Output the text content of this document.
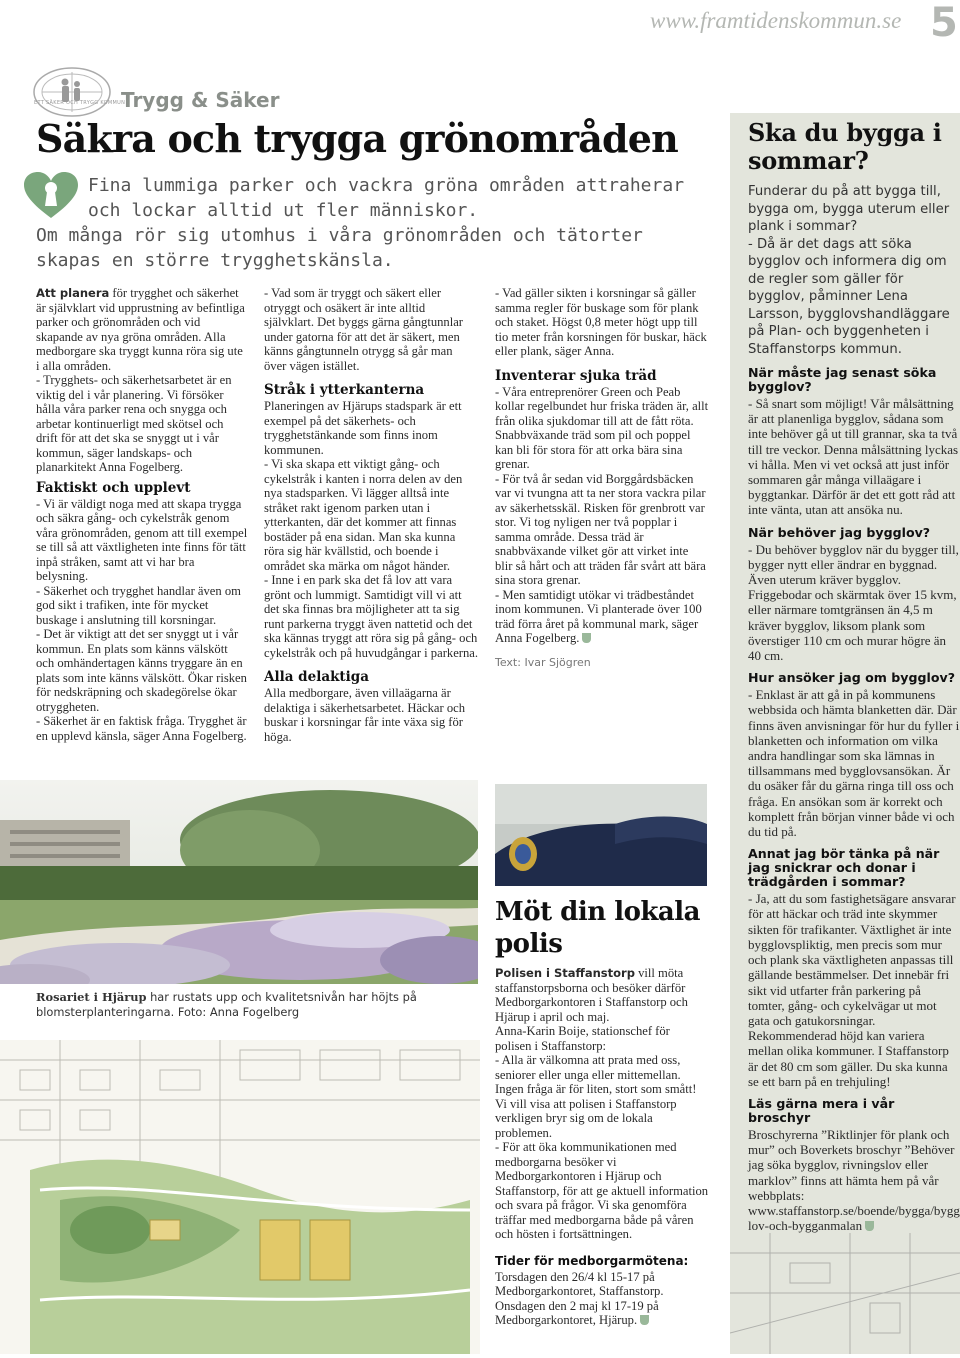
www.framtidenskommun.se 5
ETT SÄKER OCH TRYGG KOMMUN
Trygg & Säker
Säkra och trygga grönområden
Fina lummiga parker och vackra gröna områden attraherar
och lockar alltid ut fler människor.
Om många rör sig utomhus i våra grönområden och tätorter
skapas en större trygghetskänsla.

Att planera för trygghet och säkerhet är självklart vid upprustning av befintliga parker och grönområden och vid skapande av nya gröna områden. Alla medborgare ska tryggt kunna röra sig ute i alla områden.

- Trygghets- och säkerhetsarbetet är en viktig del i vår planering. Vi försöker hålla våra parker rena och snygga och arbetar kontinuerligt med skötsel och drift för att det ska se snyggt ut i vår kommun, säger landskaps- och planarkitekt Anna Fogelberg.

Faktiskt och upplevt

- Vi är väldigt noga med att skapa trygga och säkra gång- och cykelstråk genom våra grönområden, genom att till exempel se till så att växtligheten inte finns för tätt inpå stråken, samt att vi har bra belysning.

- Säkerhet och trygghet handlar även om god sikt i trafiken, inte för mycket buskage i anslutning till korsningar.

- Det är viktigt att det ser snyggt ut i vår kommun. En plats som känns välskött och omhändertagen känns tryggare än en plats som inte känns välskött. Ökar risken för nedskräpning och skadegörelse ökar otryggheten.

- Säkerhet är en faktisk fråga. Trygghet är en upplevd känsla, säger Anna Fogelberg.

- Vad som är tryggt och säkert eller otryggt och osäkert är inte alltid självklart. Det byggs gärna gångtunnlar under gatorna för att det är säkert, men känns gångtunneln otrygg så går man över vägen istället.

Stråk i ytterkanterna

Planeringen av Hjärups stadspark är ett exempel på det säkerhets- och trygghetstänkande som finns inom kommunen.

- Vi ska skapa ett viktigt gång- och cykelstråk i kanten i norra delen av den nya stadsparken. Vi lägger alltså inte stråket rakt igenom parken utan i ytterkanten, där det kommer att finnas bostäder på ena sidan. Man ska kunna röra sig här kvällstid, och boende i området ska märka om något händer.

- Inne i en park ska det få lov att vara grönt och lummigt. Samtidigt vill vi att det ska finnas bra möjligheter att ta sig runt parkerna tryggt även nattetid och det ska kännas tryggt att röra sig på gång- och cykelstråk och på huvudgångar i parkerna.

Alla delaktiga

Alla medborgare, även villaägarna är delaktiga i säkerhetsarbetet. Häckar och buskar i korsningar får inte växa sig för höga.

- Vad gäller sikten i korsningar så gäller samma regler för buskage som för plank och staket. Högst 0,8 meter högt upp till tio meter från korsningen för buskar, häck eller plank, säger Anna.

Inventerar sjuka träd

- Våra entreprenörer Green och Peab kollar regelbundet hur friska träden är, allt från olika sjukdomar till att de fått röta. Snabbväxande träd som pil och poppel kan bli för stora för att orka bära sina grenar.

- För två år sedan vid Borggårdsbäcken var vi tvungna att ta ner stora vackra pilar av säkerhetsskäl. Risken för grenbrott var stor. Vi tog nyligen ner två popplar i samma område. Dessa träd är snabbväxande vilket gör att virket inte blir så hårt och att träden får svårt att bära sina stora grenar.

- Men samtidigt utökar vi trädbeståndet inom kommunen. Vi planterade över 100 träd förra året på kommunal mark, säger Anna Fogelberg.

Text: Ivar Sjögren

Rosariet i Hjärup har rustats upp och kvalitetsnivån har höjts på blomsterplanteringarna. Foto: Anna Fogelberg
Möt din lokala polis

Polisen i Staffanstorp vill möta staffanstorpsborna och besöker därför Medborgarkontoren i Staffanstorp och Hjärup i april och maj.

Anna-Karin Boije, stationschef för polisen i Staffanstorp:

- Alla är välkomna att prata med oss, seniorer eller unga eller mittemellan. Ingen fråga är för liten, stort som smått! Vi vill visa att polisen i Staffanstorp verkligen bryr sig om de lokala problemen.

- För att öka kommunikationen med medborgarna besöker vi Medborgarkontoren i Hjärup och Staffanstorp, för att ge aktuell information och svara på frågor. Vi ska genomföra träffar med medborgarna både på våren och hösten i fortsättningen.

Tider för medborgarmötena:

Torsdagen den 26/4 kl 15-17 på Medborgarkontoret, Staffanstorp.

Onsdagen den 2 maj kl 17-19 på Medborgarkontoret, Hjärup.

Ska du bygga i sommar?

Funderar du på att bygga till, bygga om, bygga uterum eller plank i sommar?

- Då är det dags att söka bygglov och informera dig om de regler som gäller för bygglov, påminner Lena Larsson, bygglovshandläggare på Plan- och byggenheten i Staffanstorps kommun.

När måste jag senast söka bygglov?

- Så snart som möjligt! Vår målsättning är att planenliga bygglov, sådana som inte behöver gå ut till grannar, ska ta två till tre veckor. Denna målsättning lyckas vi hålla. Men vi vet också att just inför sommaren går många villaägare i byggtankar. Därför är det ett gott råd att inte vänta, utan att ansöka nu.

När behöver jag bygglov?

- Du behöver bygglov när du bygger till, bygger nytt eller ändrar en byggnad. Även uterum kräver bygglov. Friggebodar och skärmtak över 15 kvm, eller närmare tomtgränsen än 4,5 m kräver bygglov, liksom plank som överstiger 110 cm och murar högre än 40 cm.

Hur ansöker jag om bygglov?

- Enklast är att gå in på kommunens webbsida och hämta blanketten där. Där finns även anvisningar för hur du fyller i blanketten och information om vilka andra handlingar som ska lämnas in tillsammans med bygglovsansökan. Är du osäker får du gärna ringa till oss och fråga. En ansökan som är korrekt och komplett från början vinner både vi och du tid på.

Annat jag bör tänka på när jag snickrar och donar i trädgården i sommar?

- Ja, att du som fastighetsägare ansvarar för att häckar och träd inte skymmer sikten för trafikanter. Växtlighet är inte bygglovspliktig, men precis som mur och plank ska växtligheten anpassas till gällande bestämmelser. Det innebär fri sikt vid utfarter från parkering på tomter, gång- och cykelvägar ut mot gata och gatukorsningar. Rekommenderad höjd kan variera mellan olika kommuner. I Staffanstorp är det 80 cm som gäller. Du ska kunna se ett barn på en trehjuling!

Läs gärna mera i vår broschyr

Broschyrerna ”Riktlinjer för plank och mur” och Boverkets broschyr ”Behöver jag söka bygglov, rivningslov eller marklov” finns att hämta hem på vår webbplats:

www.staffanstorp.se/boende/bygga/bygglov-och-bygganmalan
